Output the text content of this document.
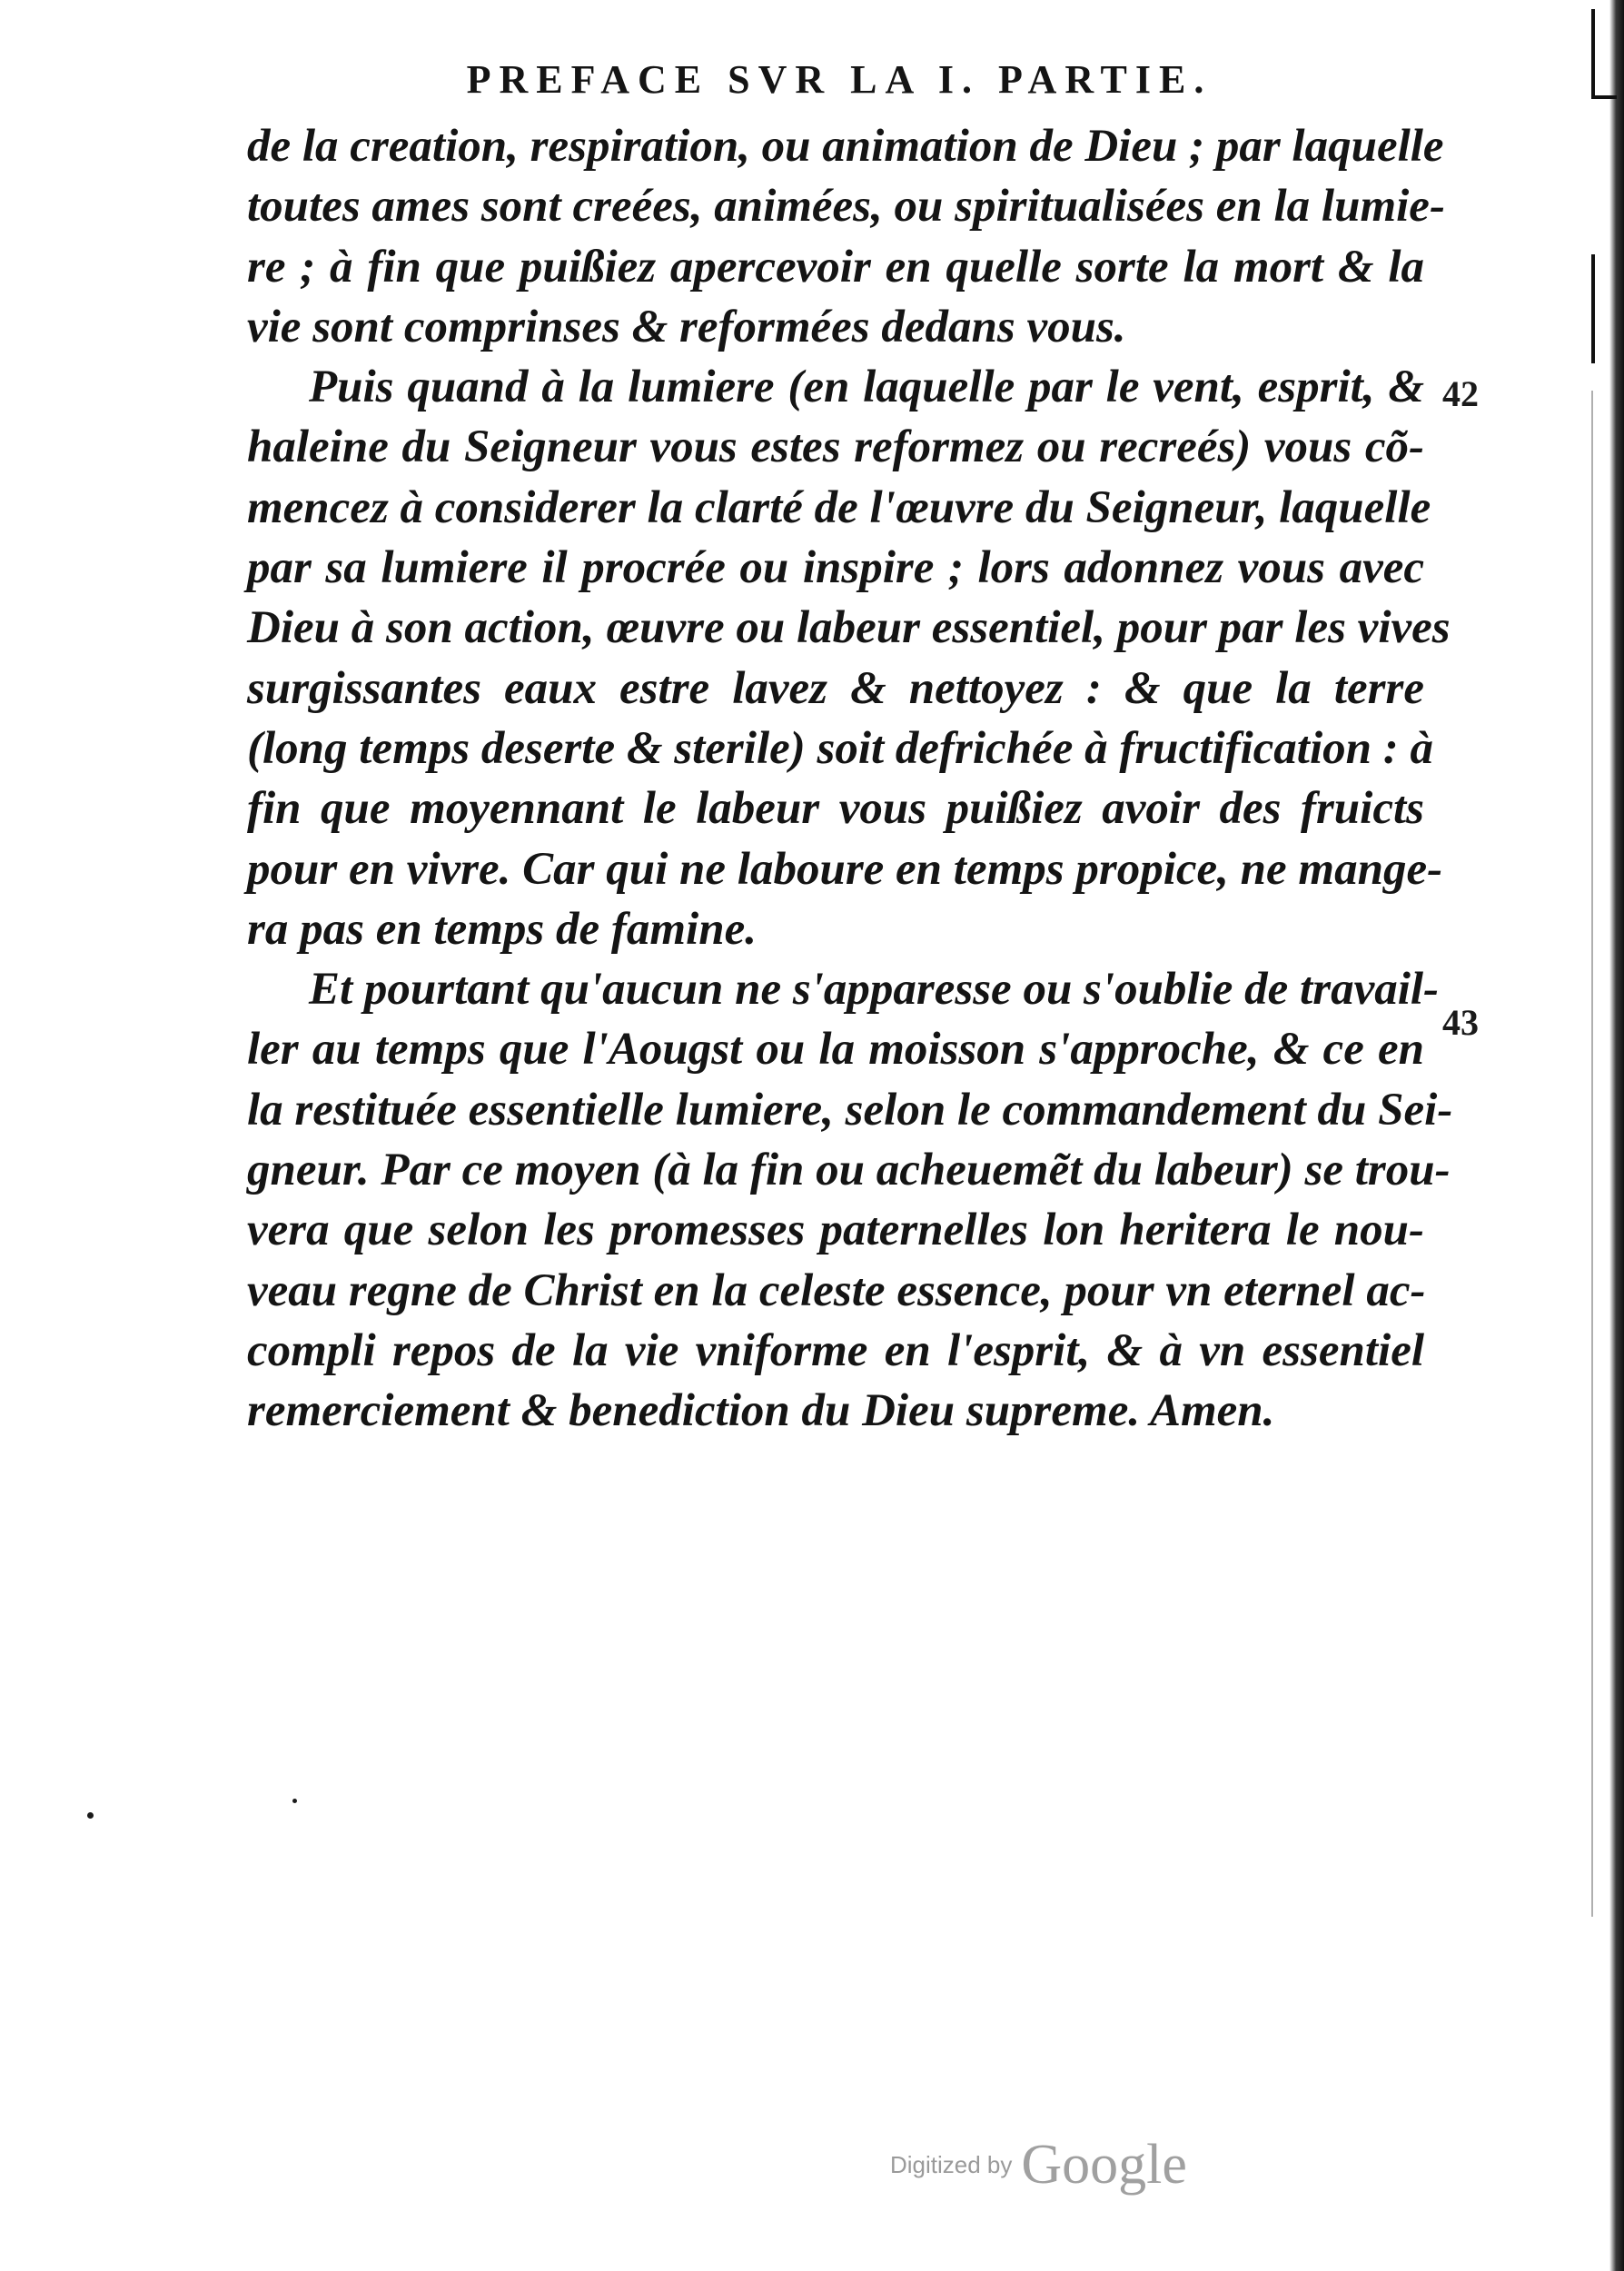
PREFACE SVR LA I. PARTIE.
de la creation, respiration, ou animation de Dieu ; par laquelle
toutes ames sont creées, animées, ou spiritualisées en la lumie-
re ; à fin que puißiez apercevoir en quelle sorte la mort & la
vie sont comprinses & reformées dedans vous.
Puis quand à la lumiere (en laquelle par le vent, esprit, &
haleine du Seigneur vous estes reformez ou recreés) vous cõ-
mencez à considerer la clarté de l'œuvre du Seigneur, laquelle
par sa lumiere il procrée ou inspire ; lors adonnez vous avec
Dieu à son action, œuvre ou labeur essentiel, pour par les vives
surgissantes eaux estre lavez & nettoyez : & que la terre
(long temps deserte & sterile) soit defrichée à fructification : à
fin que moyennant le labeur vous puißiez avoir des fruicts
pour en vivre. Car qui ne laboure en temps propice, ne mange-
ra pas en temps de famine.
Et pourtant qu'aucun ne s'apparesse ou s'oublie de travail-
ler au temps que l'Aougst ou la moisson s'approche, & ce en
la restituée essentielle lumiere, selon le commandement du Sei-
gneur. Par ce moyen (à la fin ou acheuemẽt du labeur) se trou-
vera que selon les promesses paternelles lon heritera le nou-
veau regne de Christ en la celeste essence, pour vn eternel ac-
compli repos de la vie vniforme en l'esprit, & à vn essentiel
remerciement & benediction du Dieu supreme. Amen.
42
43
Digitized by Google
